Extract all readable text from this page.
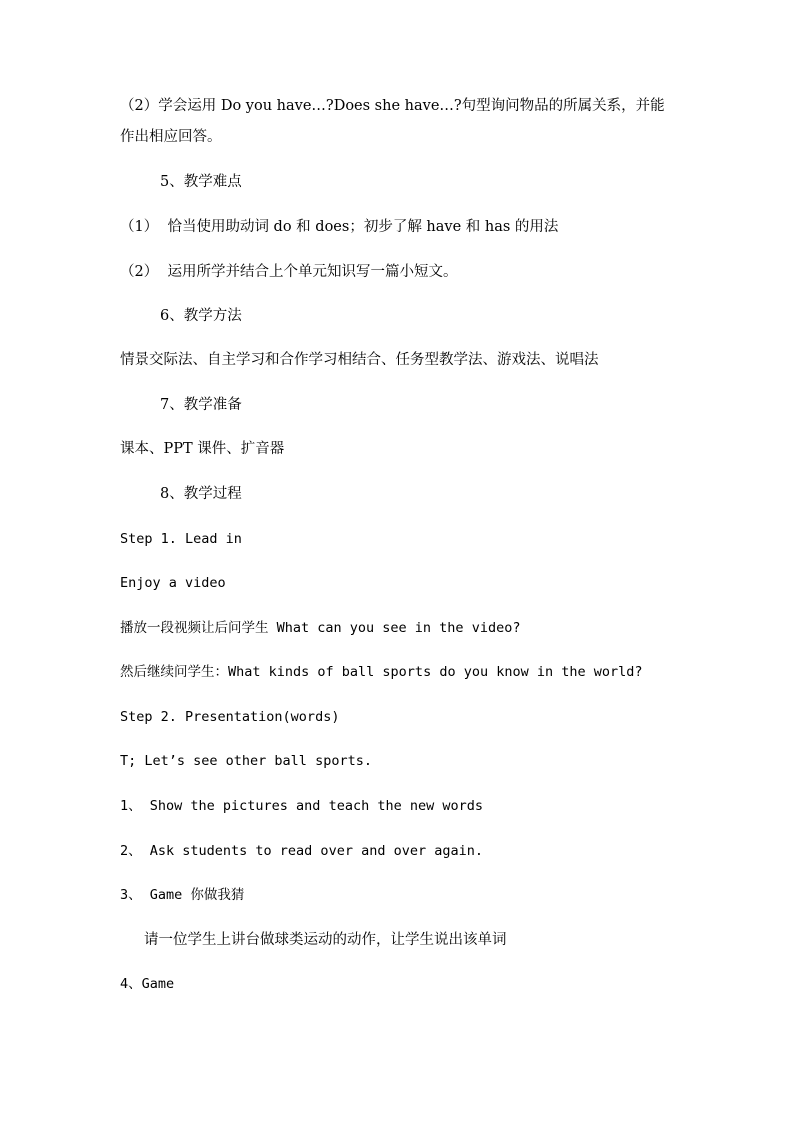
（2）学会运用 Do you have…?Does she have…?句型询问物品的所属关系，并能
作出相应回答。
5、教学难点
（1）  恰当使用助动词 do 和 does；初步了解 have 和 has 的用法
（2）  运用所学并结合上个单元知识写一篇小短文。
6、教学方法
情景交际法、自主学习和合作学习相结合、任务型教学法、游戏法、说唱法
7、教学准备
课本、PPT 课件、扩音器
8、教学过程
Step 1. Lead in
Enjoy a video
播放一段视频让后问学生 What can you see in the video?
然后继续问学生：What kinds of ball sports do you know in the world?
Step 2. Presentation(words)
T; Let’s see other ball sports.
1、 Show the pictures and teach the new words
2、 Ask students to read over and over again.
3、 Game 你做我猜
请一位学生上讲台做球类运动的动作，让学生说出该单词
4、Game
